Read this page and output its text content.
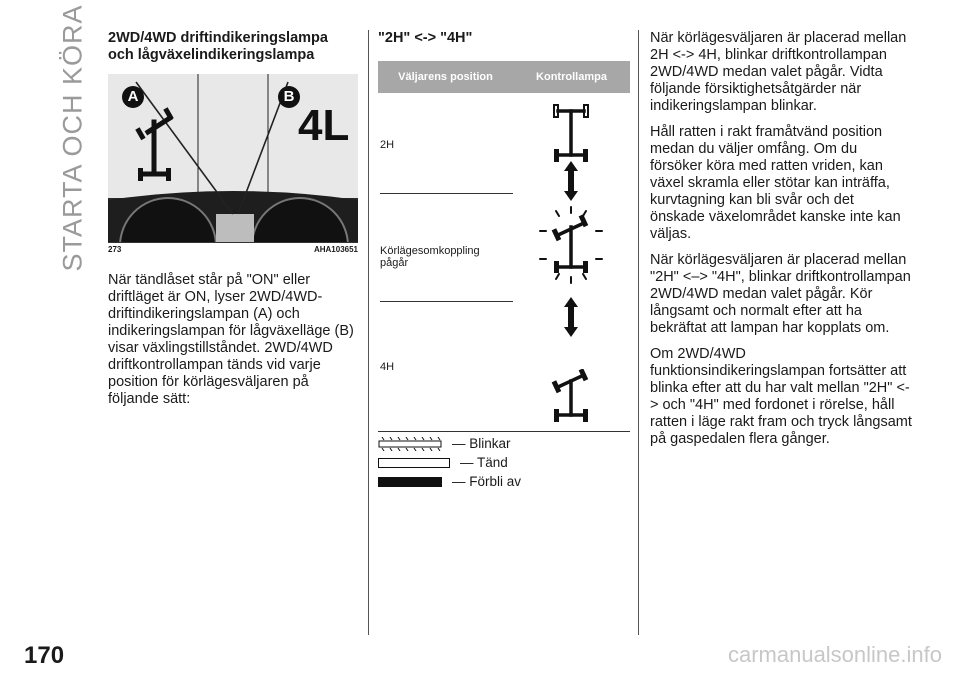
STARTA OCH KÖRA 2WD/4WD driftindikeringslampa
och lågväxelindikeringslampa
A	B
4L
273	AHA103651

När tändlåset står på "ON" eller driftläget är ON, lyser 2WD/4WD-driftindikeringslampan (A) och indikeringslampan för lågväxelläge (B) visar växlingstillståndet. 2WD/4WD driftkontrollampan tänds vid varje position för körlägesväljaren på följande sätt:

"2H" <-> "4H"
Väljarens position	Kontrollampa
2H
Körlägesomkoppling
pågår
4H
— Blinkar
— Tänd
— Förbli av

När körlägesväljaren är placerad mellan 2H <-> 4H, blinkar driftkontrollampan 2WD/4WD medan valet pågår. Vidta följande försiktighetsåtgärder när indikeringslampan blinkar.

Håll ratten i rakt framåtvänd position medan du väljer omfång. Om du försöker köra med ratten vriden, kan växel skramla eller stötar kan inträffa, kurvtagning kan bli svår och det önskade växelområdet kanske inte kan väljas.

När körlägesväljaren är placerad mellan "2H" <–> "4H", blinkar driftkontrollampan 2WD/4WD medan valet pågår. Kör långsamt och normalt efter att ha bekräftat att lampan har kopplats om.

Om 2WD/4WD funktionsindikeringslampan fortsätter att blinka efter att du har valt mellan "2H" <-> och "4H" med fordonet i rörelse, håll ratten i läge rakt fram och tryck långsamt på gaspedalen flera gånger.

170	carmanualsonline.info
